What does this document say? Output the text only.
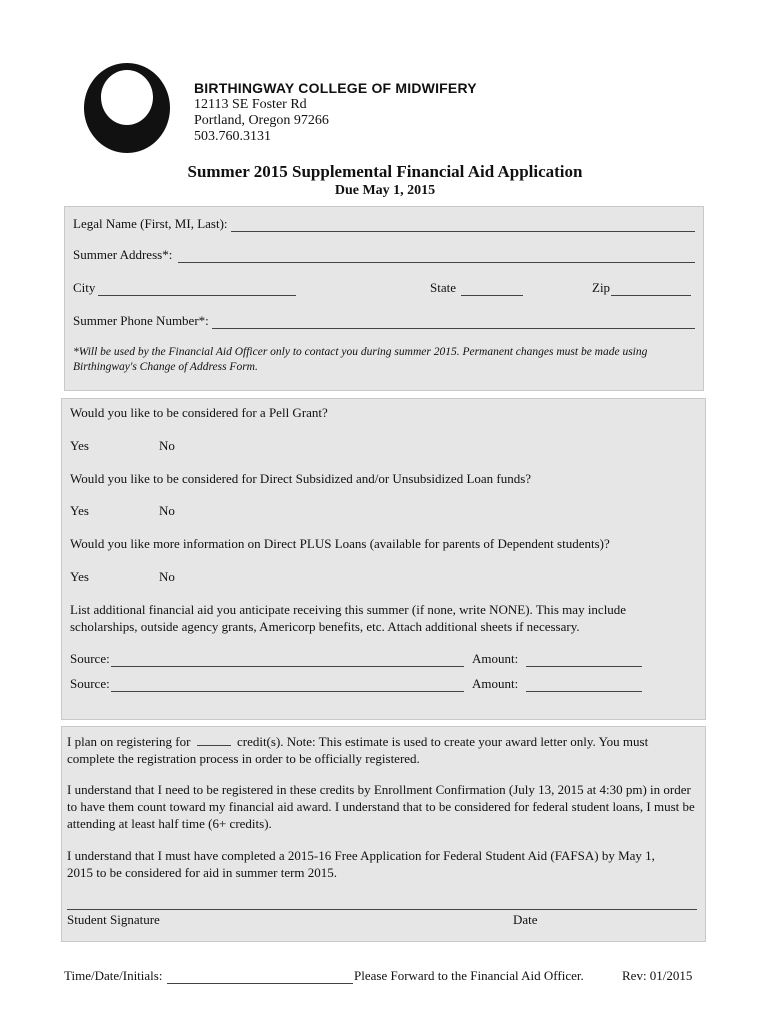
BIRTHINGWAY COLLEGE OF MIDWIFERY
12113 SE Foster Rd
Portland, Oregon 97266
503.760.3131
Summer 2015 Supplemental Financial Aid Application
Due May 1, 2015
Legal Name (First, MI, Last):
Summer Address*:
City	State	Zip
Summer Phone Number*:
*Will be used by the Financial Aid Officer only to contact you during summer 2015. Permanent changes must be made using Birthingway's Change of Address Form.
Would you like to be considered for a Pell Grant?
Yes	No
Would you like to be considered for Direct Subsidized and/or Unsubsidized Loan funds?
Yes	No
Would you like more information on Direct PLUS Loans (available for parents of Dependent students)?
Yes	No
List additional financial aid you anticipate receiving this summer (if none, write NONE). This may include scholarships, outside agency grants, Americorp benefits, etc. Attach additional sheets if necessary.
Source:	Amount:
Source:	Amount:
I plan on registering for	credit(s). Note: This estimate is used to create your award letter only. You must complete the registration process in order to be officially registered.
I understand that I need to be registered in these credits by Enrollment Confirmation (July 13, 2015 at 4:30 pm) in order to have them count toward my financial aid award. I understand that to be considered for federal student loans, I must be attending at least half time (6+ credits).
I understand that I must have completed a 2015-16 Free Application for Federal Student Aid (FAFSA) by May 1, 2015 to be considered for aid in summer term 2015.
Student Signature	Date
Time/Date/Initials:	Please Forward to the Financial Aid Officer.	Rev: 01/2015
